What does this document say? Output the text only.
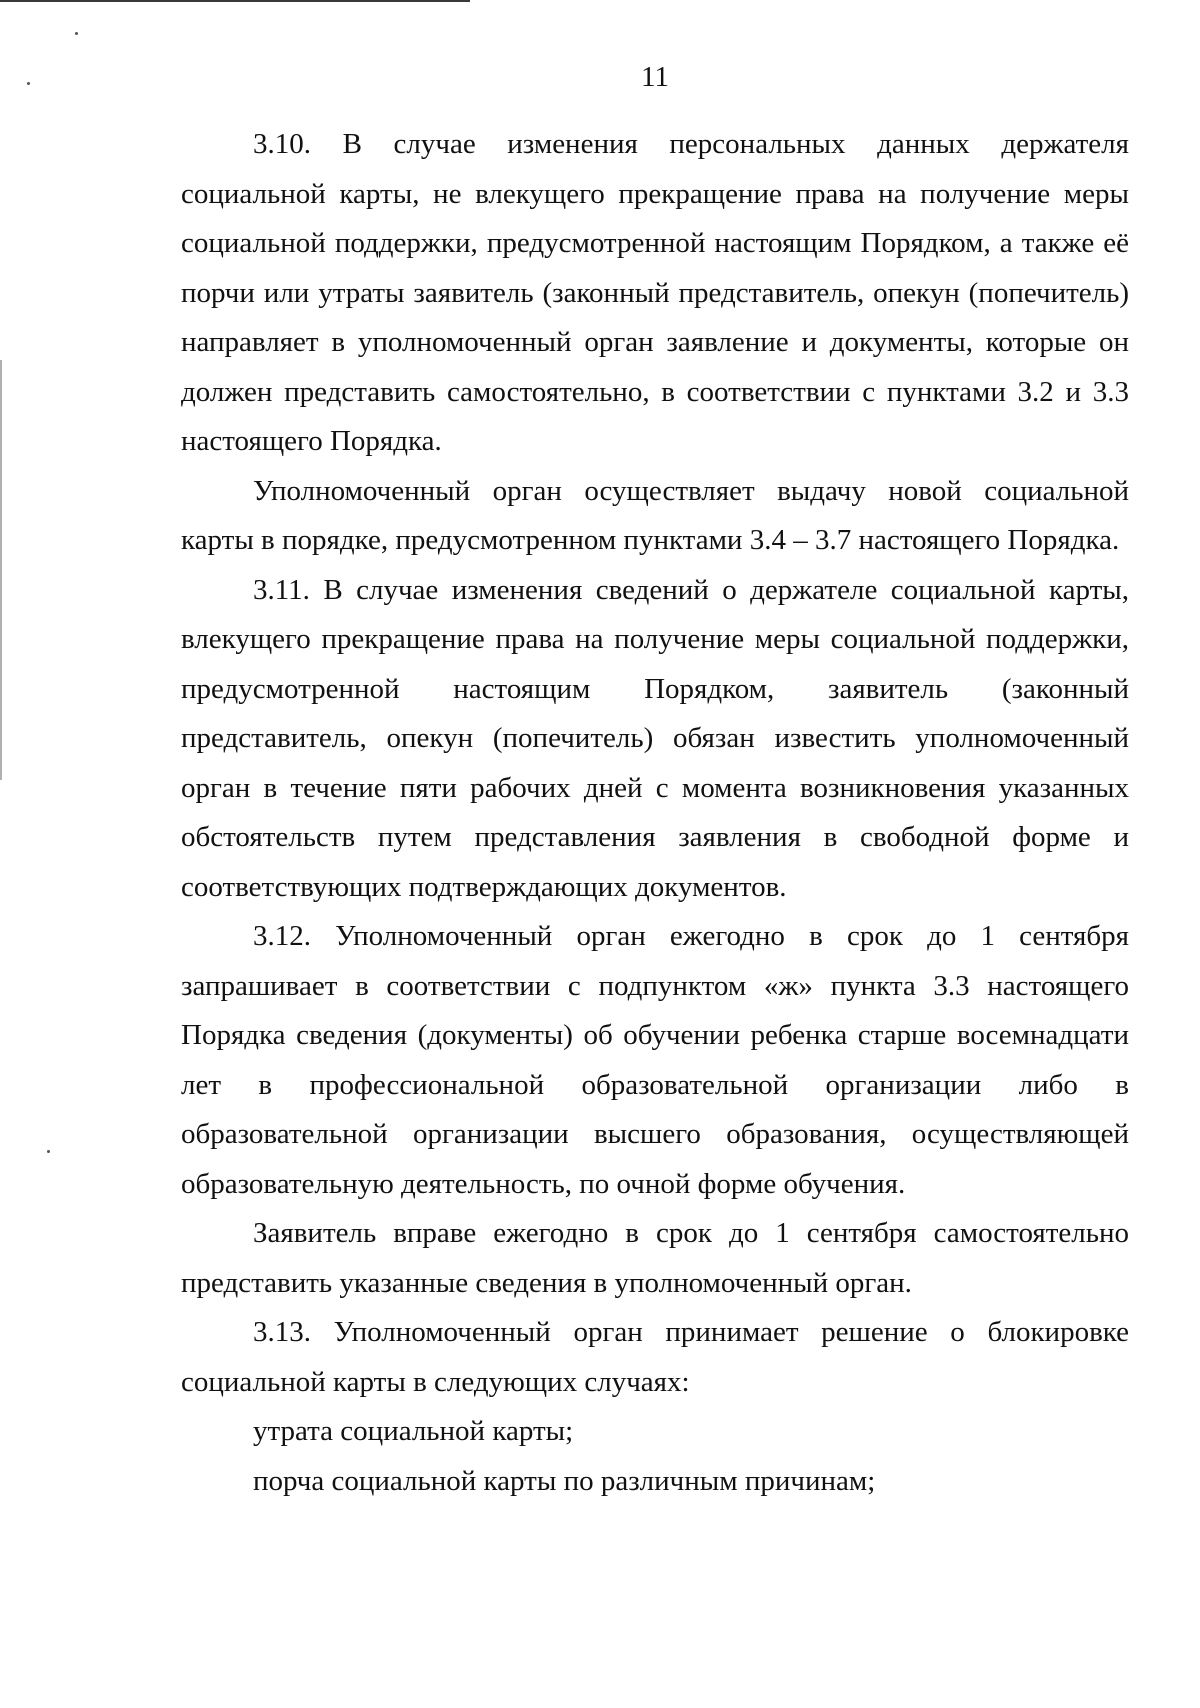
11

3.10. В случае изменения персональных данных держателя социальной карты, не влекущего прекращение права на получение меры социальной поддержки, предусмотренной настоящим Порядком, а также её порчи или утраты заявитель (законный представитель, опекун (попечитель) направляет в уполномоченный орган заявление и документы, которые он должен представить самостоятельно, в соответствии с пунктами 3.2 и 3.3 настоящего Порядка.

Уполномоченный орган осуществляет выдачу новой социальной карты в порядке, предусмотренном пунктами 3.4 – 3.7 настоящего Порядка.

3.11. В случае изменения сведений о держателе социальной карты, влекущего прекращение права на получение меры социальной поддержки, предусмотренной настоящим Порядком, заявитель (законный представитель, опекун (попечитель) обязан известить уполномоченный орган в течение пяти рабочих дней с момента возникновения указанных обстоятельств путем представления заявления в свободной форме и соответствующих подтверждающих документов.

3.12. Уполномоченный орган ежегодно в срок до 1 сентября запрашивает в соответствии с подпунктом «ж» пункта 3.3 настоящего Порядка сведения (документы) об обучении ребенка старше восемнадцати лет в профессиональной образовательной организации либо в образовательной организации высшего образования, осуществляющей образовательную деятельность, по очной форме обучения.

Заявитель вправе ежегодно в срок до 1 сентября самостоятельно представить указанные сведения в уполномоченный орган.

3.13. Уполномоченный орган принимает решение о блокировке социальной карты в следующих случаях:

утрата социальной карты;

порча социальной карты по различным причинам;
